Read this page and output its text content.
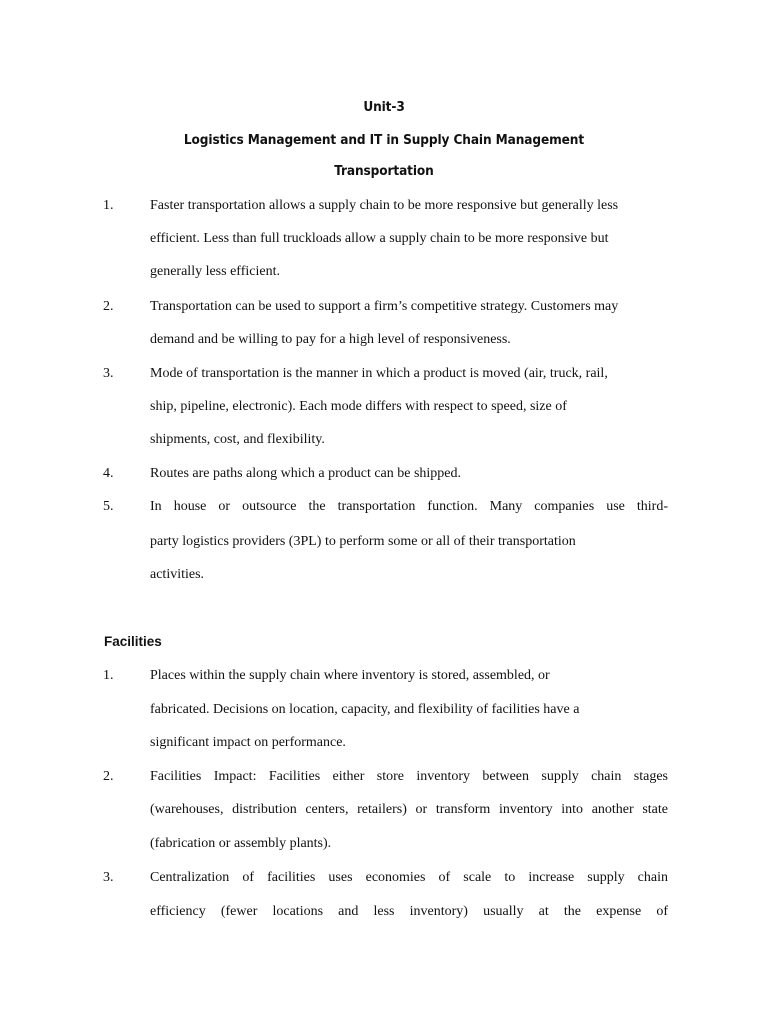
Unit-3
Logistics Management and IT in Supply Chain Management
Transportation
1.	Faster transportation allows a supply chain to be more responsive but generally less
efficient. Less than full truckloads allow a supply chain to be more responsive but
generally less efficient.
2.	Transportation can be used to support a firm’s competitive strategy. Customers may
demand and be willing to pay for a high level of responsiveness.
3.	Mode of transportation is the manner in which a product is moved (air, truck, rail,
ship, pipeline, electronic). Each mode differs with respect to speed, size of
shipments, cost, and flexibility.
4.	Routes are paths along which a product can be shipped.
5.	In house or outsource the transportation function. Many companies use third-
party logistics providers (3PL) to perform some or all of their transportation
activities.
Facilities
1.	Places within the supply chain where inventory is stored, assembled, or
fabricated. Decisions on location, capacity, and flexibility of facilities have a
significant impact on performance.
2.	Facilities Impact: Facilities either store inventory between supply chain stages
(warehouses, distribution centers, retailers) or transform inventory into another state
(fabrication or assembly plants).
3.	Centralization of facilities uses economies of scale to increase supply chain
efficiency (fewer locations and less inventory) usually at the expense of
